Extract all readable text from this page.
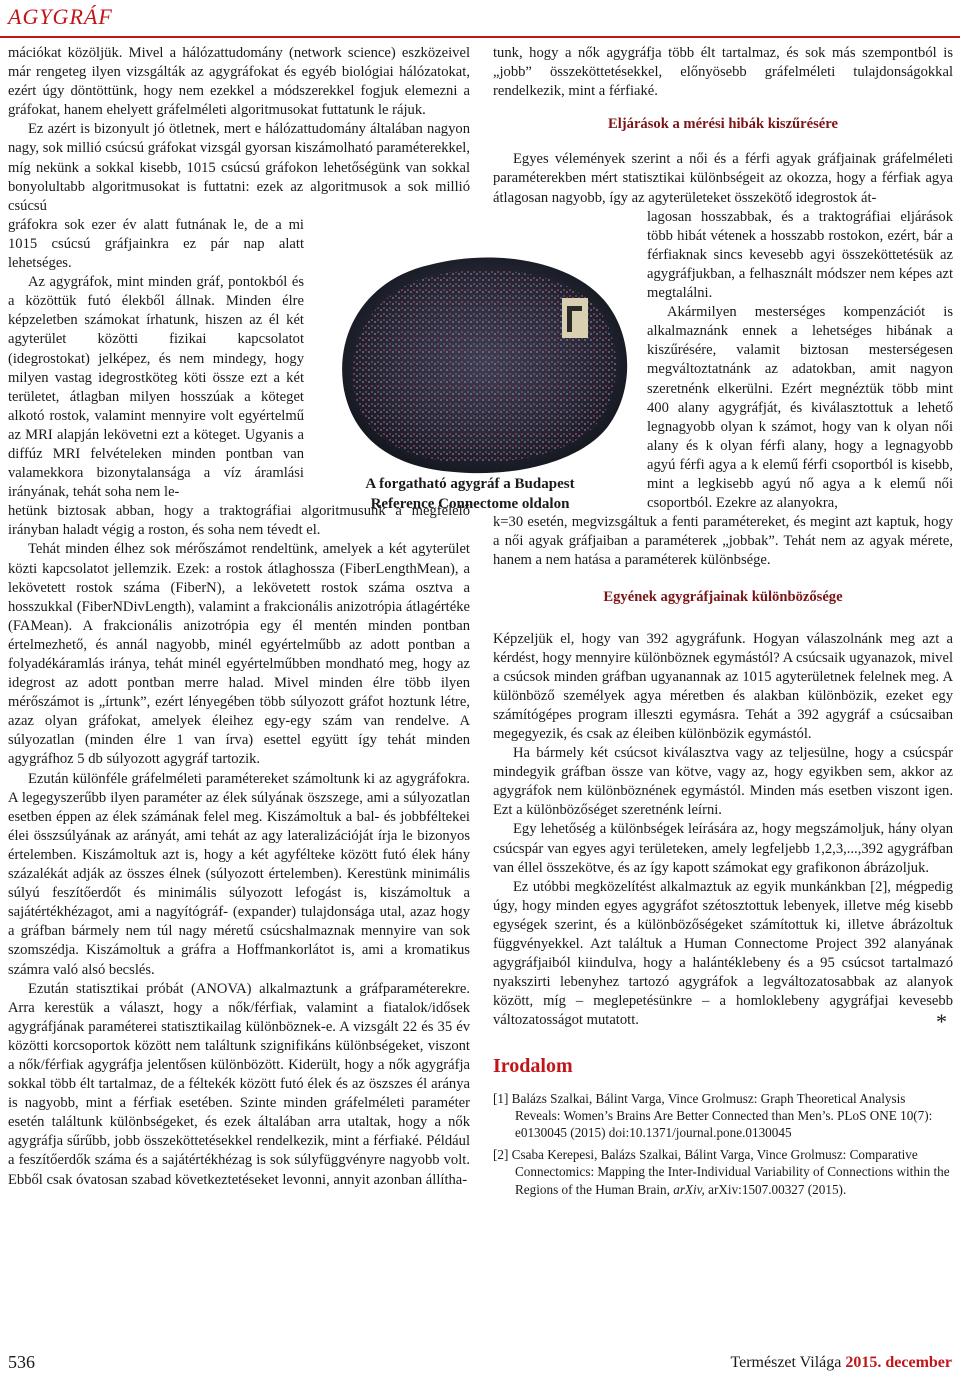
AGYGRÁF

mációkat közöljük. Mivel a hálózattudomány (network science) eszközeivel már rengeteg ilyen vizsgálták az agygráfokat és egyéb biológiai hálózatokat, ezért úgy döntöttünk, hogy nem ezekkel a módszerekkel fogjuk elemezni a gráfokat, hanem ehelyett gráfelméleti algoritmusokat futtatunk le rájuk.

Ez azért is bizonyult jó ötletnek, mert e hálózattudomány általában nagyon nagy, sok millió csúcsú gráfokat vizsgál gyorsan kiszámolható paraméterekkel, míg nekünk a sokkal kisebb, 1015 csúcsú gráfokon lehetőségünk van sokkal bonyolultabb algoritmusokat is futtatni: ezek az algoritmusok a sok millió csúcsú

gráfokra sok ezer év alatt futnának le, de a mi 1015 csúcsú gráfjainkra ez pár nap alatt lehetséges.

Az agygráfok, mint minden gráf, pontokból és a közöttük futó élekből állnak. Minden élre képzeletben számokat írhatunk, hiszen az él két agyterület közötti fizikai kapcsolatot (idegrostokat) jelképez, és nem mindegy, hogy milyen vastag idegrostköteg köti össze ezt a két területet, átlagban milyen hosszúak a köteget alkotó rostok, valamint mennyire volt egyértelmű az MRI alapján lekövetni ezt a köteget. Ugyanis a diffúz MRI felvételeken minden pontban van valamekkora bizonytalansága a víz áramlási irányának, tehát soha nem le-

hetünk biztosak abban, hogy a traktográfiai algoritmusunk a megfelelő irányban haladt végig a roston, és soha nem tévedt el.

Tehát minden élhez sok mérőszámot rendeltünk, amelyek a két agyterület közti kapcsolatot jellemzik. Ezek: a rostok átlaghossza (FiberLengthMean), a lekövetett rostok száma (FiberN), a lekövetett rostok száma osztva a hosszukkal (FiberNDivLength), valamint a frakcionális anizotrópia átlagértéke (FAMean). A frakcionális anizotrópia egy él mentén minden pontban értelmezhető, és annál nagyobb, minél egyértelműbb az adott pontban a folyadékáramlás iránya, tehát minél egyértelműbben mondható meg, hogy az idegrost az adott pontban merre halad. Mivel minden élre több ilyen mérőszámot is „írtunk”, ezért lényegében több súlyozott gráfot hoztunk létre, azaz olyan gráfokat, amelyek éleihez egy-egy szám van rendelve. A súlyozatlan (minden élre 1 van írva) esettel együtt így tehát minden agygráfhoz 5 db súlyozott agygráf tartozik.

Ezután különféle gráfelméleti paramétereket számoltunk ki az agygráfokra. A legegyszerűbb ilyen paraméter az élek súlyának öszszege, ami a súlyozatlan esetben éppen az élek számának felel meg. Kiszámoltuk a bal- és jobbféltekei élei összsúlyának az arányát, ami tehát az agy lateralizációját írja le bizonyos értelemben. Kiszámoltuk azt is, hogy a két agyfélteke között futó élek hány százalékát adják az összes élnek (súlyozott értelemben). Kerestünk minimális súlyú feszítőerdőt és minimális súlyozott lefogást is, kiszámoltuk a sajátértékhézagot, ami a nagyítógráf- (expander) tulajdonsága utal, azaz hogy a gráfban bármely nem túl nagy méretű csúcshalmaznak mennyire van sok szomszédja. Kiszámoltuk a gráfra a Hoffmankorlátot is, ami a kromatikus számra való alsó becslés.

Ezután statisztikai próbát (ANOVA) alkalmaztunk a gráfparaméterekre. Arra kerestük a választ, hogy a nők/férfiak, valamint a fiatalok/idősek agygráfjának paraméterei statisztikailag különböznek-e. A vizsgált 22 és 35 év közötti korcsoportok között nem találtunk szignifikáns különbségeket, viszont a nők/férfiak agygráfja jelentősen különbözött. Kiderült, hogy a nők agygráfja sokkal több élt tartalmaz, de a féltekék között futó élek és az öszszes él aránya is nagyobb, mint a férfiak esetében. Szinte minden gráfelméleti paraméter esetén találtunk különbségeket, és ezek általában arra utaltak, hogy a nők agygráfja sűrűbb, jobb összeköttetésekkel rendelkezik, mint a férfiaké. Például a feszítőerdők száma és a sajátértékhézag is sok súlyfüggvényre nagyobb volt. Ebből csak óvatosan szabad következtetéseket levonni, annyit azonban állítha-

A forgatható agygráf a Budapest
Reference Connectome oldalon

tunk, hogy a nők agygráfja több élt tartalmaz, és sok más szempontból is „jobb” összeköttetésekkel, előnyösebb gráfelméleti tulajdonságokkal rendelkezik, mint a férfiaké.

Eljárások a mérési hibák kiszűrésére

Egyes vélemények szerint a női és a férfi agyak gráfjainak gráfelméleti paraméterekben mért statisztikai különbségeit az okozza, hogy a férfiak agya átlagosan nagyobb, így az agyterületeket összekötő idegrostok át-

lagosan hosszabbak, és a traktográfiai eljárások több hibát vétenek a hosszabb rostokon, ezért, bár a férfiaknak sincs kevesebb agyi összeköttetésük az agygráfjukban, a felhasznált módszer nem képes azt megtalálni.

Akármilyen mesterséges kompenzációt is alkalmaznánk ennek a lehetséges hibának a kiszűrésére, valamit biztosan mesterségesen megváltoztatnánk az adatokban, amit nagyon szeretnénk elkerülni. Ezért megnéztük több mint 400 alany agygráfját, és kiválasztottuk a lehető legnagyobb olyan k számot, hogy van k olyan női alany és k olyan férfi alany, hogy a legnagyobb agyú férfi agya a k elemű férfi csoportból is kisebb, mint a legkisebb agyú nő agya a k elemű női csoportból. Ezekre az alanyokra,

k=30 esetén, megvizsgáltuk a fenti paramétereket, és megint azt kaptuk, hogy a női agyak gráfjaiban a paraméterek „jobbak”. Tehát nem az agyak mérete, hanem a nem hatása a paraméterek különbsége.

Egyének agygráfjainak különbözősége

Képzeljük el, hogy van 392 agygráfunk. Hogyan válaszolnánk meg azt a kérdést, hogy mennyire különböznek egymástól? A csúcsaik ugyanazok, mivel a csúcsok minden gráfban ugyanannak az 1015 agyterületnek felelnek meg. A különböző személyek agya méretben és alakban különbözik, ezeket egy számítógépes program illeszti egymásra. Tehát a 392 agygráf a csúcsaiban megegyezik, és csak az éleiben különbözik egymástól.

Ha bármely két csúcsot kiválasztva vagy az teljesülne, hogy a csúcspár mindegyik gráfban össze van kötve, vagy az, hogy egyikben sem, akkor az agygráfok nem különböznének egymástól. Minden más esetben viszont igen. Ezt a különbözőséget szeretnénk leírni.

Egy lehetőség a különbségek leírására az, hogy megszámoljuk, hány olyan csúcspár van egyes agyi területeken, amely legfeljebb 1,2,3,...,392 agygráfban van éllel összekötve, és az így kapott számokat egy grafikonon ábrázoljuk.

Ez utóbbi megközelítést alkalmaztuk az egyik munkánkban [2], mégpedig úgy, hogy minden egyes agygráfot szétosztottuk lebenyek, illetve még kisebb egységek szerint, és a különbözőségeket számítottuk ki, illetve ábrázoltuk függvényekkel. Azt találtuk a Human Connectome Project 392 alanyának agygráfjaiból kiindulva, hogy a halántéklebeny és a 95 csúcsot tartalmazó nyakszirti lebenyhez tartozó agygráfok a legváltozatosabbak az alanyok között, míg – meglepetésünkre – a homloklebeny agygráfjai kevesebb változatosságot mutatott.	*

Irodalom

[1] Balázs Szalkai, Bálint Varga, Vince Grolmusz: Graph Theoretical Analysis Reveals: Women’s Brains Are Better Connected than Men’s. PLoS ONE 10(7): e0130045 (2015) doi:10.1371/journal.pone.0130045

[2] Csaba Kerepesi, Balázs Szalkai, Bálint Varga, Vince Grolmusz: Comparative Connectomics: Mapping the Inter-Individual Variability of Connections within the Regions of the Human Brain, arXiv, arXiv:1507.00327 (2015).

536	Természet Világa 2015. december
